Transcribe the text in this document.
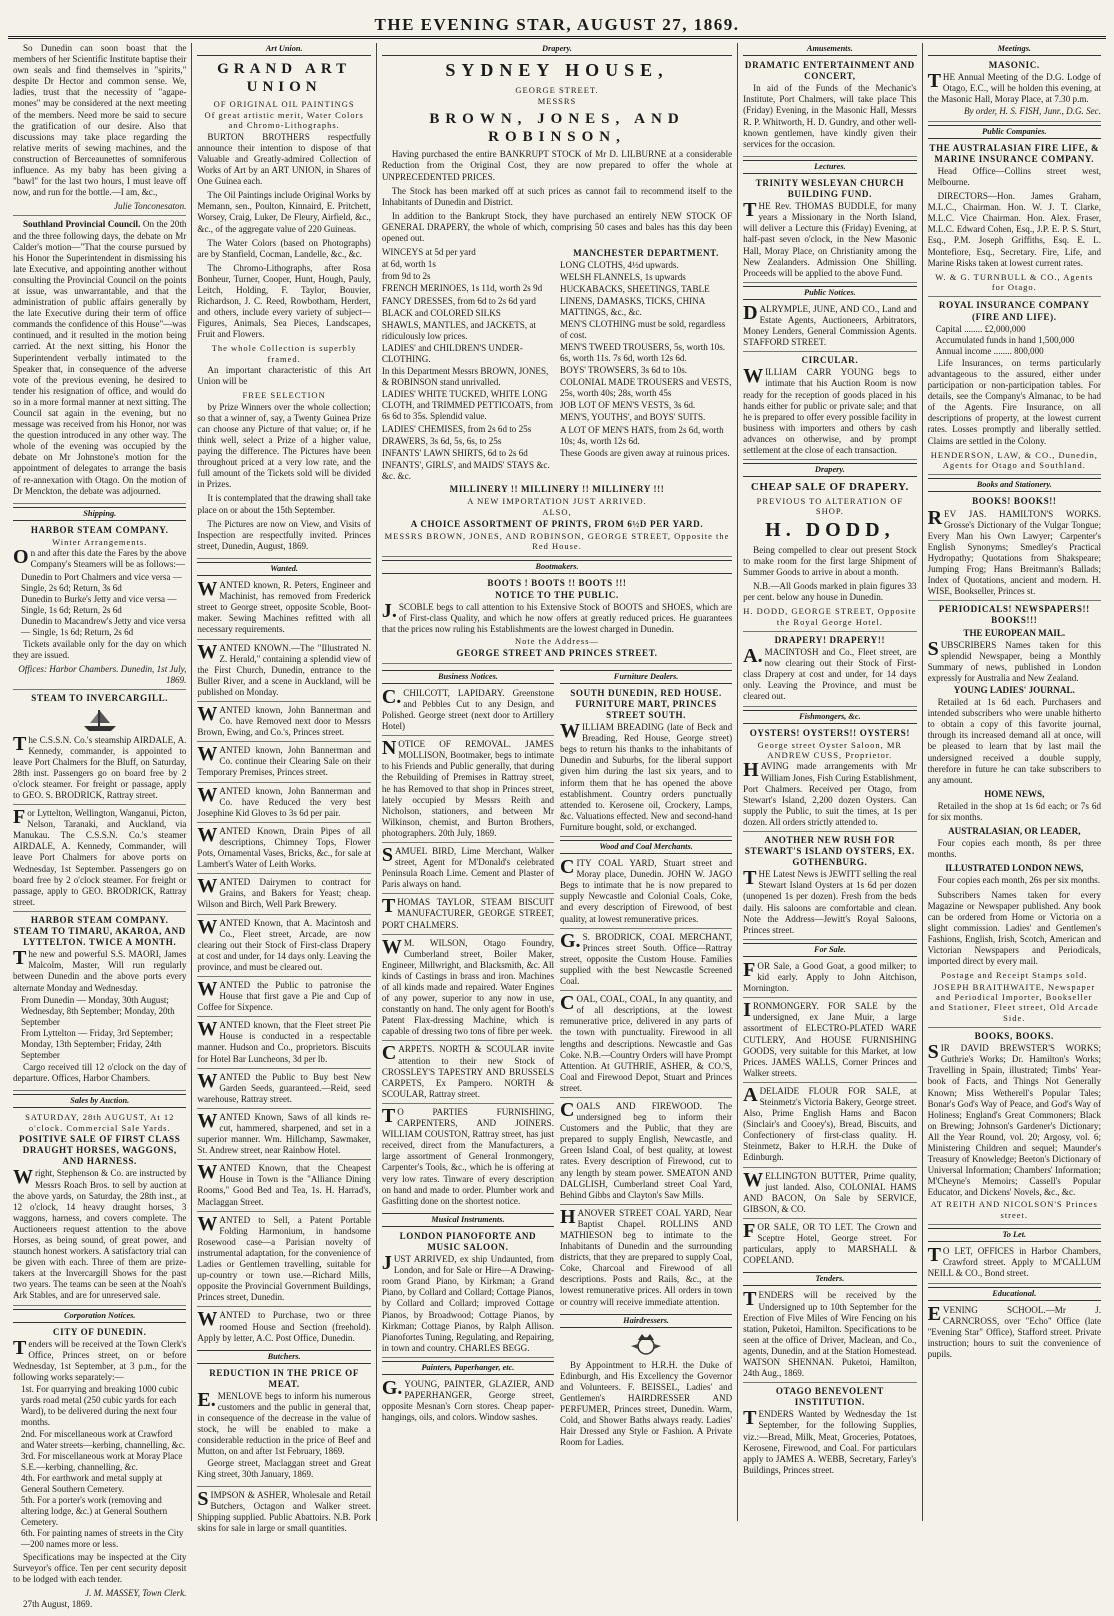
THE EVENING STAR, AUGUST 27, 1869.

So Dunedin can soon boast that the members of her Scientific Institute baptise their own seals and find themselves in "spirits," despite Dr Hector and common sense. We, ladies, trust that the necessity of "agape-mones" may be considered at the next meeting of the members. Need more be said to secure the gratification of our desire. Also that discussions may take place regarding the relative merits of sewing machines, and the construction of Berceaunettes of somniferous influence. As my baby has been giving a "bawl" for the last two hours, I must leave off now, and run for the bottle.—I am, &c.,

Julie Tonconesaton.

Southland Provincial Council. On the 20th and the three following days, the debate on Mr Calder's motion—"That the course pursued by his Honor the Superintendent in dismissing his late Executive, and appointing another without consulting the Provincial Council on the points at issue, was unwarrantable, and that the administration of public affairs generally by the late Executive during their term of office commands the confidence of this House"—was continued, and it resulted in the motion being carried. At the next sitting, his Honor the Superintendent verbally intimated to the Speaker that, in consequence of the adverse vote of the previous evening, he desired to tender his resignation of office, and would do so in a more formal manner at next sitting. The Council sat again in the evening, but no message was received from his Honor, nor was the question introduced in any other way. The whole of the evening was occupied by the debate on Mr Johnstone's motion for the appointment of delegates to arrange the basis of re-annexation with Otago. On the motion of Dr Menckton, the debate was adjourned.

Shipping.
HARBOR STEAM COMPANY.
Winter Arrangements.

On and after this date the Fares by the above Company's Steamers will be as follows:—

Dunedin to Port Chalmers and vice versa — Single, 2s 6d; Return, 3s 6d
Dunedin to Burke's Jetty and vice versa — Single, 1s 6d; Return, 2s 6d
Dunedin to Macandrew's Jetty and vice versa — Single, 1s 6d; Return, 2s 6d

Tickets available only for the day on which they are issued.

Offices: Harbor Chambers. Dunedin, 1st July, 1869.

STEAM TO INVERCARGILL.

The C.S.S.N. Co.'s steamship AIRDALE, A. Kennedy, commander, is appointed to leave Port Chalmers for the Bluff, on Saturday, 28th inst. Passengers go on board free by 2 o'clock steamer. For freight or passage, apply to GEO. S. BRODRICK, Rattray street.

For Lyttelton, Wellington, Wanganui, Picton, Nelson, Taranaki, and Auckland, via Manukau. The C.S.S.N. Co.'s steamer AIRDALE, A. Kennedy, Commander, will leave Port Chalmers for above ports on Wednesday, 1st September. Passengers go on board free by 2 o'clock steamer. For freight or passage, apply to GEO. BRODRICK, Rattray street.

HARBOR STEAM COMPANY. STEAM TO TIMARU, AKAROA, AND LYTTELTON. TWICE A MONTH.

The new and powerful S.S. MAORI, James Malcolm, Master, Will run regularly between Dunedin and the above ports every alternate Monday and Wednesday.

From Dunedin — Monday, 30th August; Wednesday, 8th September; Monday, 20th September
From Lyttelton — Friday, 3rd September; Monday, 13th September; Friday, 24th September

Cargo received till 12 o'clock on the day of departure. Offices, Harbor Chambers.

Sales by Auction.
SATURDAY, 28th AUGUST, At 12 o'clock. Commercial Sale Yards.
POSITIVE SALE OF FIRST CLASS DRAUGHT HORSES, WAGGONS, AND HARNESS.

Wright, Stephenson & Co. are instructed by Messrs Roach Bros. to sell by auction at the above yards, on Saturday, the 28th inst., at 12 o'clock, 14 heavy draught horses, 3 waggons, harness, and covers complete. The Auctioneers request attention to the above Horses, as being sound, of great power, and staunch honest workers. A satisfactory trial can be given with each. Three of them are prize-takers at the Invercargill Shows for the past two years. The teams can be seen at the Noah's Ark Stables, and are for unreserved sale.

Corporation Notices.
CITY OF DUNEDIN.

Tenders will be received at the Town Clerk's Office, Princes street, on or before Wednesday, 1st September, at 3 p.m., for the following works separately:—

1st. For quarrying and breaking 1000 cubic yards road metal (250 cubic yards for each Ward), to be delivered during the next four months.
2nd. For miscellaneous work at Crawford and Water streets—kerbing, channelling, &c.
3rd. For miscellaneous work at Moray Place S.E.—kerbing, channelling, &c.
4th. For earthwork and metal supply at General Southern Cemetery.
5th. For a porter's work (removing and altering lodge, &c.) at General Southern Cemetery.
6th. For painting names of streets in the City—200 names more or less.

Specifications may be inspected at the City Surveyor's office. Ten per cent security deposit to be lodged with each tender.

J. M. MASSEY, Town Clerk.

27th August, 1869.

Art Union.
GRAND ART UNION
OF ORIGINAL OIL PAINTINGS
Of great artistic merit, Water Colors and Chromo-Lithographs.

BURTON BROTHERS respectfully announce their intention to dispose of that Valuable and Greatly-admired Collection of Works of Art by an ART UNION, in Shares of One Guinea each.

The Oil Paintings include Original Works by Memann, sen., Poulton, Kinnaird, E. Pritchett, Worsey, Craig, Luker, De Fleury, Airfield, &c., &c., of the aggregate value of 220 Guineas.

The Water Colors (based on Photographs) are by Stanfield, Cocman, Landelle, &c., &c.

The Chromo-Lithographs, after Rosa Bonheur, Turner, Cooper, Hunt, Hough, Pauly, Leitch, Holding, F. Taylor, Bouvier, Richardson, J. C. Reed, Rowbotham, Herdert, and others, include every variety of subject—Figures, Animals, Sea Pieces, Landscapes, Fruit and Flowers.

The whole Collection is superbly framed.

An important characteristic of this Art Union will be

FREE SELECTION

by Prize Winners over the whole collection; so that a winner of, say, a Twenty Guinea Prize can choose any Picture of that value; or, if he think well, select a Prize of a higher value, paying the difference. The Pictures have been throughout priced at a very low rate, and the full amount of the Tickets sold will be divided in Prizes.

It is contemplated that the drawing shall take place on or about the 15th September.

The Pictures are now on View, and Visits of Inspection are respectfully invited. Princes street, Dunedin, August, 1869.

Wanted.

WANTED known, R. Peters, Engineer and Machinist, has removed from Frederick street to George street, opposite Scoble, Boot-maker. Sewing Machines refitted with all necessary requirements.

WANTED KNOWN.—The "Illustrated N. Z. Herald," containing a splendid view of the First Church, Dunedin, entrance to the Buller River, and a scene in Auckland, will be published on Monday.

WANTED known, John Bannerman and Co. have Removed next door to Messrs Brown, Ewing, and Co.'s, Princes street.

WANTED known, John Bannerman and Co. continue their Clearing Sale on their Temporary Premises, Princes street.

WANTED known, John Bannerman and Co. have Reduced the very best Josephine Kid Gloves to 3s 6d per pair.

WANTED Known, Drain Pipes of all descriptions, Chimney Tops, Flower Pots, Ornamental Vases, Bricks, &c., for sale at Lambert's Water of Leith Works.

WANTED Dairymen to contract for Grains, and Bakers for Yeast; cheap. Wilson and Birch, Well Park Brewery.

WANTED Known, that A. Macintosh and Co., Fleet street, Arcade, are now clearing out their Stock of First-class Drapery at cost and under, for 14 days only. Leaving the province, and must be cleared out.

WANTED the Public to patronise the House that first gave a Pie and Cup of Coffee for Sixpence.

WANTED known, that the Fleet street Pie House is conducted in a respectable manner. Hudson and Co., proprietors. Biscuits for Hotel Bar Luncheons, 3d per lb.

WANTED the Public to Buy best New Garden Seeds, guaranteed.—Reid, seed warehouse, Rattray street.

WANTED Known, Saws of all kinds re-cut, hammered, sharpened, and set in a superior manner. Wm. Hillchamp, Sawmaker, St. Andrew street, near Rainbow Hotel.

WANTED Known, that the Cheapest House in Town is the "Alliance Dining Rooms," Good Bed and Tea, 1s. H. Harrad's, Maclaggan Street.

WANTED to Sell, a Patent Portable Folding Harmonium, in handsome Rosewood case—a Parisian novelty of instrumental adaptation, for the convenience of Ladies or Gentlemen travelling, suitable for up-country or town use.—Richard Mills, opposite the Provincial Government Buildings, Princes street, Dunedin.

WANTED to Purchase, two or three roomed House and Section (freehold). Apply by letter, A.C. Post Office, Dunedin.

Butchers.
REDUCTION IN THE PRICE OF MEAT.

E.MENLOVE begs to inform his numerous customers and the public in general that, in consequence of the decrease in the value of stock, he will be enabled to make a considerable reduction in the price of Beef and Mutton, on and after 1st February, 1869.

George street, Maclaggan street and Great King street, 30th January, 1869.

SIMPSON & ASHER, Wholesale and Retail Butchers, Octagon and Walker street. Shipping supplied. Public Abattoirs. N.B. Pork skins for sale in large or small quantities.

Drapery.
SYDNEY HOUSE,
GEORGE STREET.
MESSRS
BROWN, JONES, AND ROBINSON,

Having purchased the entire BANKRUPT STOCK of Mr D. LILBURNE at a considerable Reduction from the Original Cost, they are now prepared to offer the whole at UNPRECEDENTED PRICES.

The Stock has been marked off at such prices as cannot fail to recommend itself to the Inhabitants of Dunedin and District.

In addition to the Bankrupt Stock, they have purchased an entirely NEW STOCK OF GENERAL DRAPERY, the whole of which, comprising 50 cases and bales has this day been opened out.

WINCEYS at 5d per yard
at 6d, worth 1s
from 9d to 2s
FRENCH MERINOES, 1s 11d, worth 2s 9d
FANCY DRESSES, from 6d to 2s 6d yard
BLACK and COLORED SILKS
SHAWLS, MANTLES, and JACKETS, at ridiculously low prices.
LADIES' and CHILDREN'S UNDER-CLOTHING.
In this Department Messrs BROWN, JONES, & ROBINSON stand unrivalled.
LADIES' WHITE TUCKED, WHITE LONG CLOTH, and TRIMMED PETTICOATS, from 6s 6d to 35s. Splendid value.
LADIES' CHEMISES, from 2s 6d to 25s
DRAWERS, 3s 6d, 5s, 6s, to 25s
INFANTS' LAWN SHIRTS, 6d to 2s 6d
INFANTS', GIRLS', and MAIDS' STAYS &c. &c. &c.
MANCHESTER DEPARTMENT.
LONG CLOTHS, 4½d upwards.
WELSH FLANNELS, 1s upwards
HUCKABACKS, SHEETINGS, TABLE LINENS, DAMASKS, TICKS, CHINA MATTINGS, &c., &c.
MEN'S CLOTHING must be sold, regardless of cost.
MEN'S TWEED TROUSERS, 5s, worth 10s. 6s, worth 11s. 7s 6d, worth 12s 6d.
BOYS' TROWSERS, 3s 6d to 10s.
COLONIAL MADE TROUSERS and VESTS, 25s, worth 40s; 28s, worth 45s
JOB LOT OF MEN'S VESTS, 3s 6d.
MEN'S, YOUTHS', and BOYS' SUITS.
A LOT OF MEN'S HATS, from 2s 6d, worth 10s; 4s, worth 12s 6d.
These Goods are given away at ruinous prices.
MILLINERY !! MILLINERY !! MILLINERY !!!
A NEW IMPORTATION JUST ARRIVED.
ALSO,
A CHOICE ASSORTMENT OF PRINTS, FROM 6½D PER YARD.
MESSRS BROWN, JONES, AND ROBINSON, GEORGE STREET, Opposite the Red House.
Bootmakers.
BOOTS ! BOOTS !! BOOTS !!!
NOTICE TO THE PUBLIC.

J.SCOBLE begs to call attention to his Extensive Stock of BOOTS and SHOES, which are of First-class Quality, and which he now offers at greatly reduced prices. He guarantees that the prices now ruling his Establishments are the lowest charged in Dunedin.

Note the Address—
GEORGE STREET AND PRINCES STREET.
Business Notices.

C.CHILCOTT, LAPIDARY. Greenstone and Pebbles Cut to any Design, and Polished. George street (next door to Artillery Hotel)

NOTICE OF REMOVAL. JAMES MOLLISON, Bootmaker, begs to intimate to his Friends and Public generally, that during the Rebuilding of Premises in Rattray street, he has Removed to that shop in Princes street, lately occupied by Messrs Reith and Nicholson, stationers, and between Mr Wilkinson, chemist, and Burton Brothers, photographers. 20th July, 1869.

SAMUEL BIRD, Lime Merchant, Walker street, Agent for M'Donald's celebrated Peninsula Roach Lime. Cement and Plaster of Paris always on hand.

THOMAS TAYLOR, STEAM BISCUIT MANUFACTURER, GEORGE STREET, PORT CHALMERS.

WM. WILSON, Otago Foundry, Cumberland street, Boiler Maker, Engineer, Millwright, and Blacksmith, &c. All kinds of Castings in brass and iron. Machines of all kinds made and repaired. Water Engines of any power, superior to any now in use, constantly on hand. The only agent for Booth's Patent Flax-dressing Machine, which is capable of dressing two tons of fibre per week.

CARPETS. NORTH & SCOULAR invite attention to their new Stock of CROSSLEY'S TAPESTRY AND BRUSSELS CARPETS, Ex Pampero. NORTH & SCOULAR, Rattray street.

TO PARTIES FURNISHING, CARPENTERS, AND JOINERS. WILLIAM COUSTON, Rattray street, has just received, direct from the Manufacturers, a large assortment of General Ironmongery, Carpenter's Tools, &c., which he is offering at very low rates. Tinware of every description on hand and made to order. Plumber work and Gasfitting done on the shortest notice.

Musical Instruments.
LONDON PIANOFORTE AND MUSIC SALOON.

JUST ARRIVED, ex ship Undaunted, from London, and for Sale or Hire—A Drawing-room Grand Piano, by Kirkman; a Grand Piano, by Collard and Collard; Cottage Pianos, by Collard and Collard; improved Cottage Pianos, by Broadwood; Cottage Pianos, by Kirkman; Cottage Pianos, by Ralph Allison. Pianofortes Tuning, Regulating, and Repairing, in town and country. CHARLES BEGG.

Painters, Paperhanger, etc.

G.YOUNG, PAINTER, GLAZIER, AND PAPERHANGER, George street, opposite Mesnan's Corn stores. Cheap paper-hangings, oils, and colors. Window sashes.

Furniture Dealers.
SOUTH DUNEDIN, RED HOUSE. FURNITURE MART, PRINCES STREET SOUTH.

WILLIAM BREADING (late of Beck and Breading, Red House, George street) begs to return his thanks to the inhabitants of Dunedin and Suburbs, for the liberal support given him during the last six years, and to inform them that he has opened the above establishment. Country orders punctually attended to. Kerosene oil, Crockery, Lamps, &c. Valuations effected. New and second-hand Furniture bought, sold, or exchanged.

Wood and Coal Merchants.

CITY COAL YARD, Stuart street and Moray place, Dunedin. JOHN W. JAGO Begs to intimate that he is now prepared to supply Newcastle and Colonial Coals, Coke, and every description of Firewood, of best quality, at lowest remunerative prices.

G.S. BRODRICK, COAL MERCHANT, Princes street South. Office—Rattray street, opposite the Custom House. Families supplied with the best Newcastle Screened Coal.

COAL, COAL, COAL, In any quantity, and of all descriptions, at the lowest remunerative price, delivered in any parts of the town with punctuality. Firewood in all lengths and descriptions. Newcastle and Gas Coke. N.B.—Country Orders will have Prompt Attention. At GUTHRIE, ASHER, & CO.'S, Coal and Firewood Depot, Stuart and Princes street.

COALS AND FIREWOOD. The undersigned beg to inform their Customers and the Public, that they are prepared to supply English, Newcastle, and Green Island Coal, of best quality, at lowest rates. Every description of Firewood, cut to any length by steam power. SMEATON AND DALGLISH, Cumberland street Coal Yard, Behind Gibbs and Clayton's Saw Mills.

HANOVER STREET COAL YARD, Near Baptist Chapel. ROLLINS AND MATHIESON beg to intimate to the Inhabitants of Dunedin and the surrounding districts, that they are prepared to supply Coal, Coke, Charcoal and Firewood of all descriptions. Posts and Rails, &c., at the lowest remunerative prices. All orders in town or country will receive immediate attention.

Hairdressers.

By Appointment to H.R.H. the Duke of Edinburgh, and His Excellency the Governor and Volunteers. F. BEISSEL, Ladies' and Gentlemen's HAIRDRESSER AND PERFUMER, Princes street, Dunedin. Warm, Cold, and Shower Baths always ready. Ladies' Hair Dressed any Style or Fashion. A Private Room for Ladies.

Amusements.
DRAMATIC ENTERTAINMENT AND CONCERT,

In aid of the Funds of the Mechanic's Institute, Port Chalmers, will take place This (Friday) Evening, in the Masonic Hall, Messrs R. P. Whitworth, H. D. Gundry, and other well-known gentlemen, have kindly given their services for the occasion.

Lectures.
TRINITY WESLEYAN CHURCH BUILDING FUND.

THE Rev. THOMAS BUDDLE, for many years a Missionary in the North Island, will deliver a Lecture this (Friday) Evening, at half-past seven o'clock, in the New Masonic Hall, Moray Place, on Christianity among the New Zealanders. Admission One Shilling. Proceeds will be applied to the above Fund.

Public Notices.

DALRYMPLE, JUNE, AND CO., Land and Estate Agents, Auctioneers, Arbitrators, Money Lenders, General Commission Agents. STAFFORD STREET.

CIRCULAR.

WILLIAM CARR YOUNG begs to intimate that his Auction Room is now ready for the reception of goods placed in his hands either for public or private sale; and that he is prepared to offer every possible facility in business with importers and others by cash advances on otherwise, and by prompt settlement at the close of each transaction.

Drapery.
CHEAP SALE OF DRAPERY.
PREVIOUS TO ALTERATION OF SHOP.
H. DODD,

Being compelled to clear out present Stock to make room for the first large Shipment of Summer Goods to arrive in about a month.

N.B.—All Goods marked in plain figures 33 per cent. below any house in Dunedin.

H. DODD, GEORGE STREET, Opposite the Royal George Hotel.
DRAPERY! DRAPERY!!

A.MACINTOSH and Co., Fleet street, are now clearing out their Stock of First-class Drapery at cost and under, for 14 days only. Leaving the Province, and must be cleared out.

Fishmongers, &c.
OYSTERS! OYSTERS!! OYSTERS!
George street Oyster Saloon, MR ANDREW CUSS, Proprietor.

HAVING made arrangements with Mr William Jones, Fish Curing Establishment, Port Chalmers. Received per Otago, from Stewart's Island, 2,200 dozen Oysters. Can supply the Public, to suit the times, at 1s per dozen. All orders strictly attended to.

ANOTHER NEW RUSH FOR STEWART'S ISLAND OYSTERS, EX. GOTHENBURG.

THE Latest News is JEWITT selling the real Stewart Island Oysters at 1s 6d per dozen (unopened 1s per dozen). Fresh from the beds daily. His saloons are comfortable and clean. Note the Address—Jewitt's Royal Saloons, Princes street.

For Sale.

FOR Sale, a Good Goat, a good milker; to kid early. Apply to John Aitchison, Mornington.

IRONMONGERY. FOR SALE by the undersigned, ex Jane Muir, a large assortment of ELECTRO-PLATED WARE CUTLERY, And HOUSE FURNISHING GOODS, very suitable for this Market, at low Prices. JAMES WALLS, Corner Princes and Walker streets.

ADELAIDE FLOUR FOR SALE, at Steinmetz's Victoria Bakery, George street. Also, Prime English Hams and Bacon (Sinclair's and Cooey's), Bread, Biscuits, and Confectionery of first-class quality. H. Steinmetz, Baker to H.R.H. the Duke of Edinburgh.

WELLINGTON BUTTER, Prime quality, just landed. Also, COLONIAL HAMS AND BACON, On Sale by SERVICE, GIBSON, & CO.

FOR SALE, OR TO LET. The Crown and Sceptre Hotel, George street. For particulars, apply to MARSHALL & COPELAND.

Tenders.

TENDERS will be received by the Undersigned up to 10th September for the Erection of Five Miles of Wire Fencing on his station, Puketoi, Hamilton. Specifications to be seen at the office of Driver, Maclean, and Co., agents, Dunedin, and at the Station Homestead. WATSON SHENNAN. Puketoi, Hamilton, 24th Aug., 1869.

OTAGO BENEVOLENT INSTITUTION.

TENDERS Wanted by Wednesday the 1st September, for the following Supplies, viz.:—Bread, Milk, Meat, Groceries, Potatoes, Kerosene, Firewood, and Coal. For particulars apply to JAMES A. WEBB, Secretary, Farley's Buildings, Princes street.

Meetings.
MASONIC.

THE Annual Meeting of the D.G. Lodge of Otago, E.C., will be holden this evening, at the Masonic Hall, Moray Place, at 7.30 p.m.

By order, H. S. FISH, Junr., D.G. Sec.

Public Companies.
THE AUSTRALASIAN FIRE LIFE, & MARINE INSURANCE COMPANY.

Head Office—Collins street west, Melbourne.

DIRECTORS—Hon. James Graham, M.L.C., Chairman. Hon. W. J. T. Clarke, M.L.C. Vice Chairman. Hon. Alex. Fraser, M.L.C. Edward Cohen, Esq., J.P. E. P. S. Sturt, Esq., P.M. Joseph Griffiths, Esq. E. L. Montefiore, Esq., Secretary. Fire, Life, and Marine Risks taken at lowest current rates.

W. & G. TURNBULL & CO., Agents for Otago.
ROYAL INSURANCE COMPANY (FIRE AND LIFE).
Capital ........ £2,000,000
Accumulated funds in hand 1,500,000
Annual income ........ 800,000

Life Insurances, on terms particularly advantageous to the assured, either under participation or non-participation tables. For details, see the Company's Almanac, to be had of the Agents. Fire Insurance, on all descriptions of property, at the lowest current rates. Losses promptly and liberally settled. Claims are settled in the Colony.

HENDERSON, LAW, & CO., Dunedin, Agents for Otago and Southland.
Books and Stationery.
BOOKS! BOOKS!!

REV JAS. HAMILTON'S WORKS. Grosse's Dictionary of the Vulgar Tongue; Every Man his Own Lawyer; Carpenter's English Synonyms; Smedley's Practical Hydropathy; Quotations from Shakspeare; Jumping Frog; Hans Breitmann's Ballads; Index of Quotations, ancient and modern. H. WISE, Bookseller, Princes st.

PERIODICALS! NEWSPAPERS!! BOOKS!!!
THE EUROPEAN MAIL.

SUBSCRIBERS Names taken for this splendid Newspaper, being a Monthly Summary of news, published in London expressly for Australia and New Zealand.

YOUNG LADIES' JOURNAL.

Retailed at 1s 6d each. Purchasers and intended subscribers who were unable hitherto to obtain a copy of this favorite journal, through its increased demand all at once, will be pleased to learn that by last mail the undersigned received a double supply, therefore in future he can take subscribers to any amount.

HOME NEWS,

Retailed in the shop at 1s 6d each; or 7s 6d for six months.

AUSTRALASIAN, OR LEADER,

Four copies each month, 8s per three months.

ILLUSTRATED LONDON NEWS,

Four copies each month, 26s per six months.

Subscribers Names taken for every Magazine or Newspaper published. Any book can be ordered from Home or Victoria on a slight commission. Ladies' and Gentlemen's Fashions, English, Irish, Scotch, American and Victorian Newspapers and Periodicals, imported direct by every mail.

Postage and Receipt Stamps sold.
JOSEPH BRAITHWAITE, Newspaper and Periodical Importer, Bookseller and Stationer, Fleet street, Old Arcade Side.
BOOKS, BOOKS.

SIR DAVID BREWSTER'S WORKS; Guthrie's Works; Dr. Hamilton's Works; Travelling in Spain, illustrated; Timbs' Year-book of Facts, and Things Not Generally Known; Miss Wetherell's Popular Tales; Bonar's God's Way of Peace, and God's Way of Holiness; England's Great Commoners; Black on Brewing; Johnson's Gardener's Dictionary; All the Year Round, vol. 20; Argosy, vol. 6; Ministering Children and sequel; Maunder's Treasury of Knowledge; Beeton's Dictionary of Universal Information; Chambers' Information; M'Cheyne's Memoirs; Cassell's Popular Educator, and Dickens' Novels, &c., &c.

AT REITH AND NICOLSON'S Princes street.
To Let.

TO LET, OFFICES in Harbor Chambers, Crawford street. Apply to M'CALLUM NEILL & CO., Bond street.

Educational.

EVENING SCHOOL.—Mr J. CARNCROSS, over "Echo" Office (late "Evening Star" Office), Stafford street. Private instruction; hours to suit the convenience of pupils.
